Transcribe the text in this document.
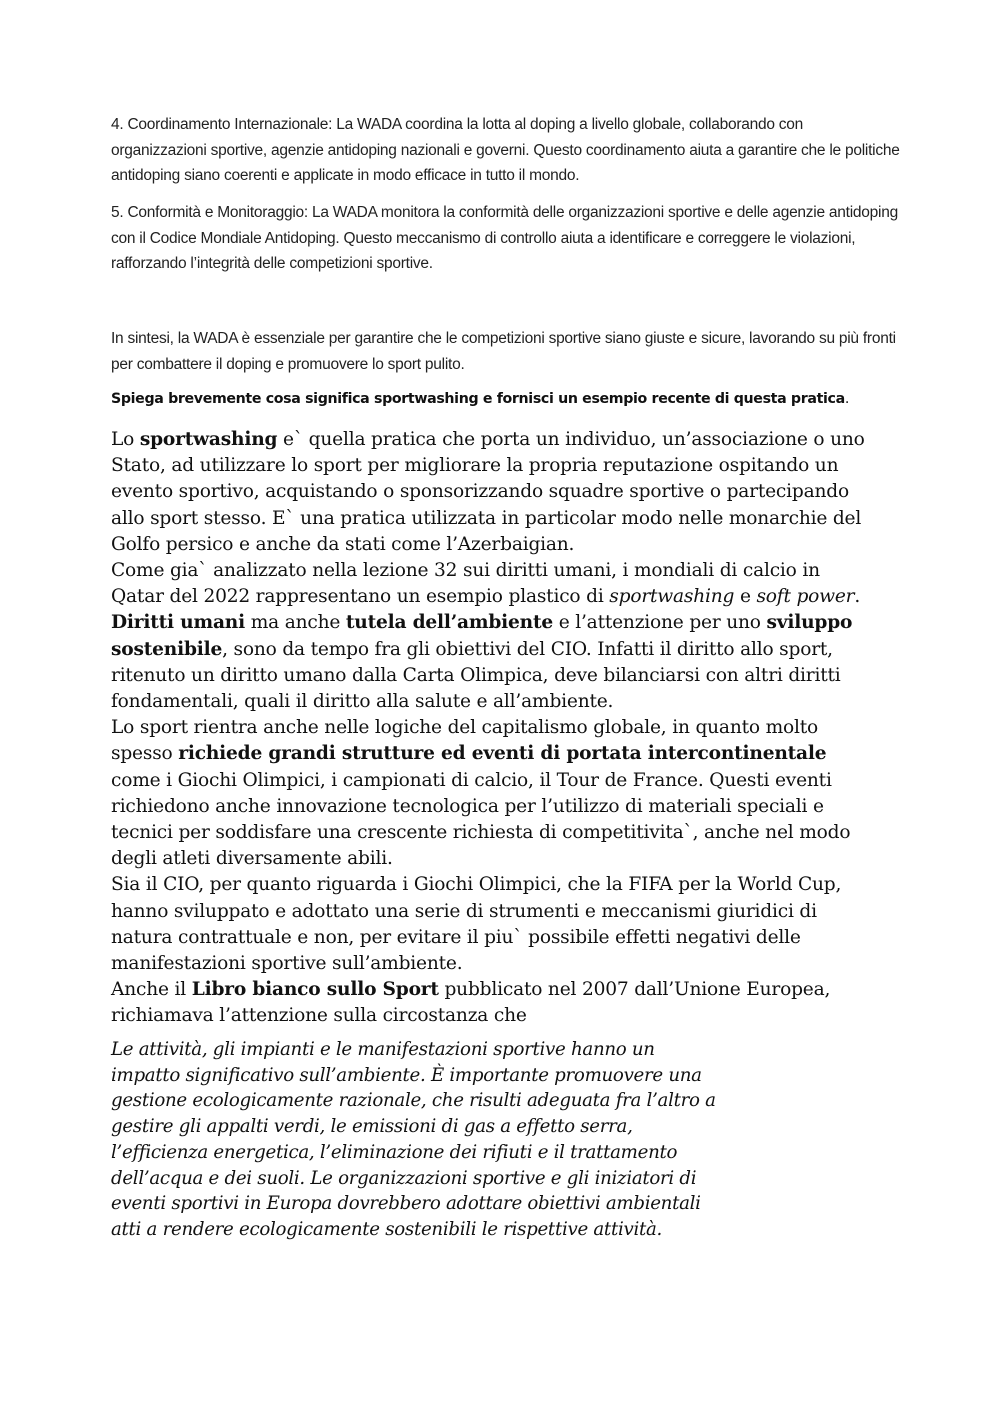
4. Coordinamento Internazionale: La WADA coordina la lotta al doping a livello globale, collaborando con organizzazioni sportive, agenzie antidoping nazionali e governi. Questo coordinamento aiuta a garantire che le politiche antidoping siano coerenti e applicate in modo efficace in tutto il mondo.

5. Conformità e Monitoraggio: La WADA monitora la conformità delle organizzazioni sportive e delle agenzie antidoping con il Codice Mondiale Antidoping. Questo meccanismo di controllo aiuta a identificare e correggere le violazioni, rafforzando l’integrità delle competizioni sportive.

In sintesi, la WADA è essenziale per garantire che le competizioni sportive siano giuste e sicure, lavorando su più fronti per combattere il doping e promuovere lo sport pulito.

Spiega brevemente cosa significa sportwashing e fornisci un esempio recente di questa pratica.

Lo sportwashing e` quella pratica che porta un individuo, un’associazione o uno
Stato, ad utilizzare lo sport per migliorare la propria reputazione ospitando un
evento sportivo, acquistando o sponsorizzando squadre sportive o partecipando
allo sport stesso. E` una pratica utilizzata in particolar modo nelle monarchie del
Golfo persico e anche da stati come l’Azerbaigian.
Come gia` analizzato nella lezione 32 sui diritti umani, i mondiali di calcio in
Qatar del 2022 rappresentano un esempio plastico di sportwashing e soft power.
Diritti umani ma anche tutela dell’ambiente e l’attenzione per uno sviluppo
sostenibile, sono da tempo fra gli obiettivi del CIO. Infatti il diritto allo sport,
ritenuto un diritto umano dalla Carta Olimpica, deve bilanciarsi con altri diritti
fondamentali, quali il diritto alla salute e all’ambiente.
Lo sport rientra anche nelle logiche del capitalismo globale, in quanto molto
spesso richiede grandi strutture ed eventi di portata intercontinentale
come i Giochi Olimpici, i campionati di calcio, il Tour de France. Questi eventi
richiedono anche innovazione tecnologica per l’utilizzo di materiali speciali e
tecnici per soddisfare una crescente richiesta di competitivita`, anche nel modo
degli atleti diversamente abili.
Sia il CIO, per quanto riguarda i Giochi Olimpici, che la FIFA per la World Cup,
hanno sviluppato e adottato una serie di strumenti e meccanismi giuridici di
natura contrattuale e non, per evitare il piu` possibile effetti negativi delle
manifestazioni sportive sull’ambiente.
Anche il Libro bianco sullo Sport pubblicato nel 2007 dall’Unione Europea,
richiamava l’attenzione sulla circostanza che
Le attività, gli impianti e le manifestazioni sportive hanno un
impatto significativo sull’ambiente. È importante promuovere una
gestione ecologicamente razionale, che risulti adeguata fra l’altro a
gestire gli appalti verdi, le emissioni di gas a effetto serra,
l’efficienza energetica, l’eliminazione dei rifiuti e il trattamento
dell’acqua e dei suoli. Le organizzazioni sportive e gli iniziatori di
eventi sportivi in Europa dovrebbero adottare obiettivi ambientali
atti a rendere ecologicamente sostenibili le rispettive attività.
